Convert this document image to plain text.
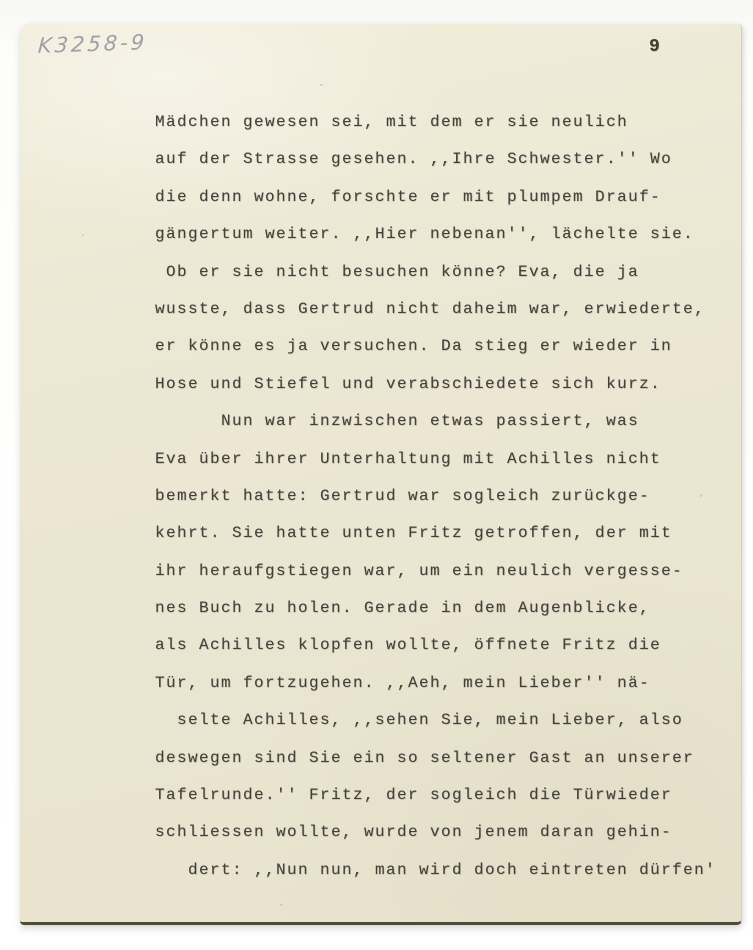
K3258-9	9
Mädchen gewesen sei, mit dem er sie neulich
auf der Strasse gesehen. ,,Ihre Schwester.'' Wo
die denn wohne, forschte er mit plumpem Drauf-
gängertum weiter. ,,Hier nebenan'', lächelte sie.
Ob er sie nicht besuchen könne? Eva, die ja
wusste, dass Gertrud nicht daheim war, erwiederte,
er könne es ja versuchen. Da stieg er wieder in
Hose und Stiefel und verabschiedete sich kurz.
Nun war inzwischen etwas passiert, was
Eva über ihrer Unterhaltung mit Achilles nicht
bemerkt hatte: Gertrud war sogleich zurückge-
kehrt. Sie hatte unten Fritz getroffen, der mit
ihr heraufgstiegen war, um ein neulich vergesse-
nes Buch zu holen. Gerade in dem Augenblicke,
als Achilles klopfen wollte, öffnete Fritz die
Tür, um fortzugehen. ,,Aeh, mein Lieber'' nä-
selte Achilles, ,,sehen Sie, mein Lieber, also
deswegen sind Sie ein so seltener Gast an unserer
Tafelrunde.'' Fritz, der sogleich die Türwieder
schliessen wollte, wurde von jenem daran gehin-
dert: ,,Nun nun, man wird doch eintreten dürfen'
